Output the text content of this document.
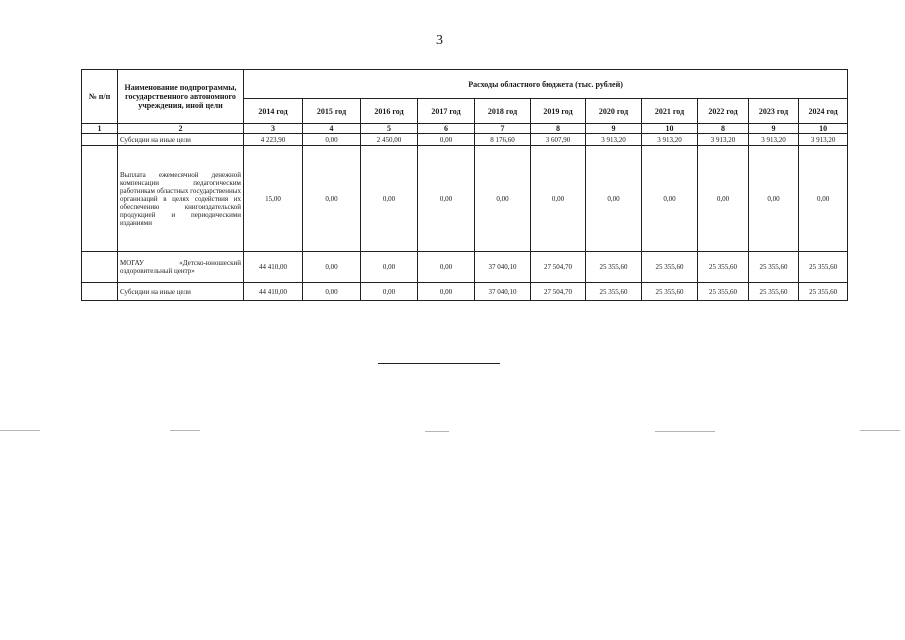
3
№ п/п	Наименование подпрограммы, государственного автономного учреждения, иной цели	Расходы областного бюджета (тыс. рублей)										
		2014 год	2015 год	2016 год	2017 год	2018 год	2019 год	2020 год	2021 год	2022 год	2023 год	2024 год
1	2	3	4	5	6	7	8	9	10	8	9	10
	Субсидии на иные цели	4 223,90	0,00	2 450,00	0,00	8 176,60	3 607,90	3 913,20	3 913,20	3 913,20	3 913,20	3 913,20
	Выплата ежемесячной денежной компенсации педагогическим работникам областных государственных организаций в целях содействия их обеспечению книгоиздательской продукцией и периодическими изданиями	15,00	0,00	0,00	0,00	0,00	0,00	0,00	0,00	0,00	0,00	0,00
	МОГАУ «Детско-юношеский оздоровительный центр»	44 410,00	0,00	0,00	0,00	37 040,10	27 504,70	25 355,60	25 355,60	25 355,60	25 355,60	25 355,60
	Субсидии на иные цели	44 410,00	0,00	0,00	0,00	37 040,10	27 504,70	25 355,60	25 355,60	25 355,60	25 355,60	25 355,60
